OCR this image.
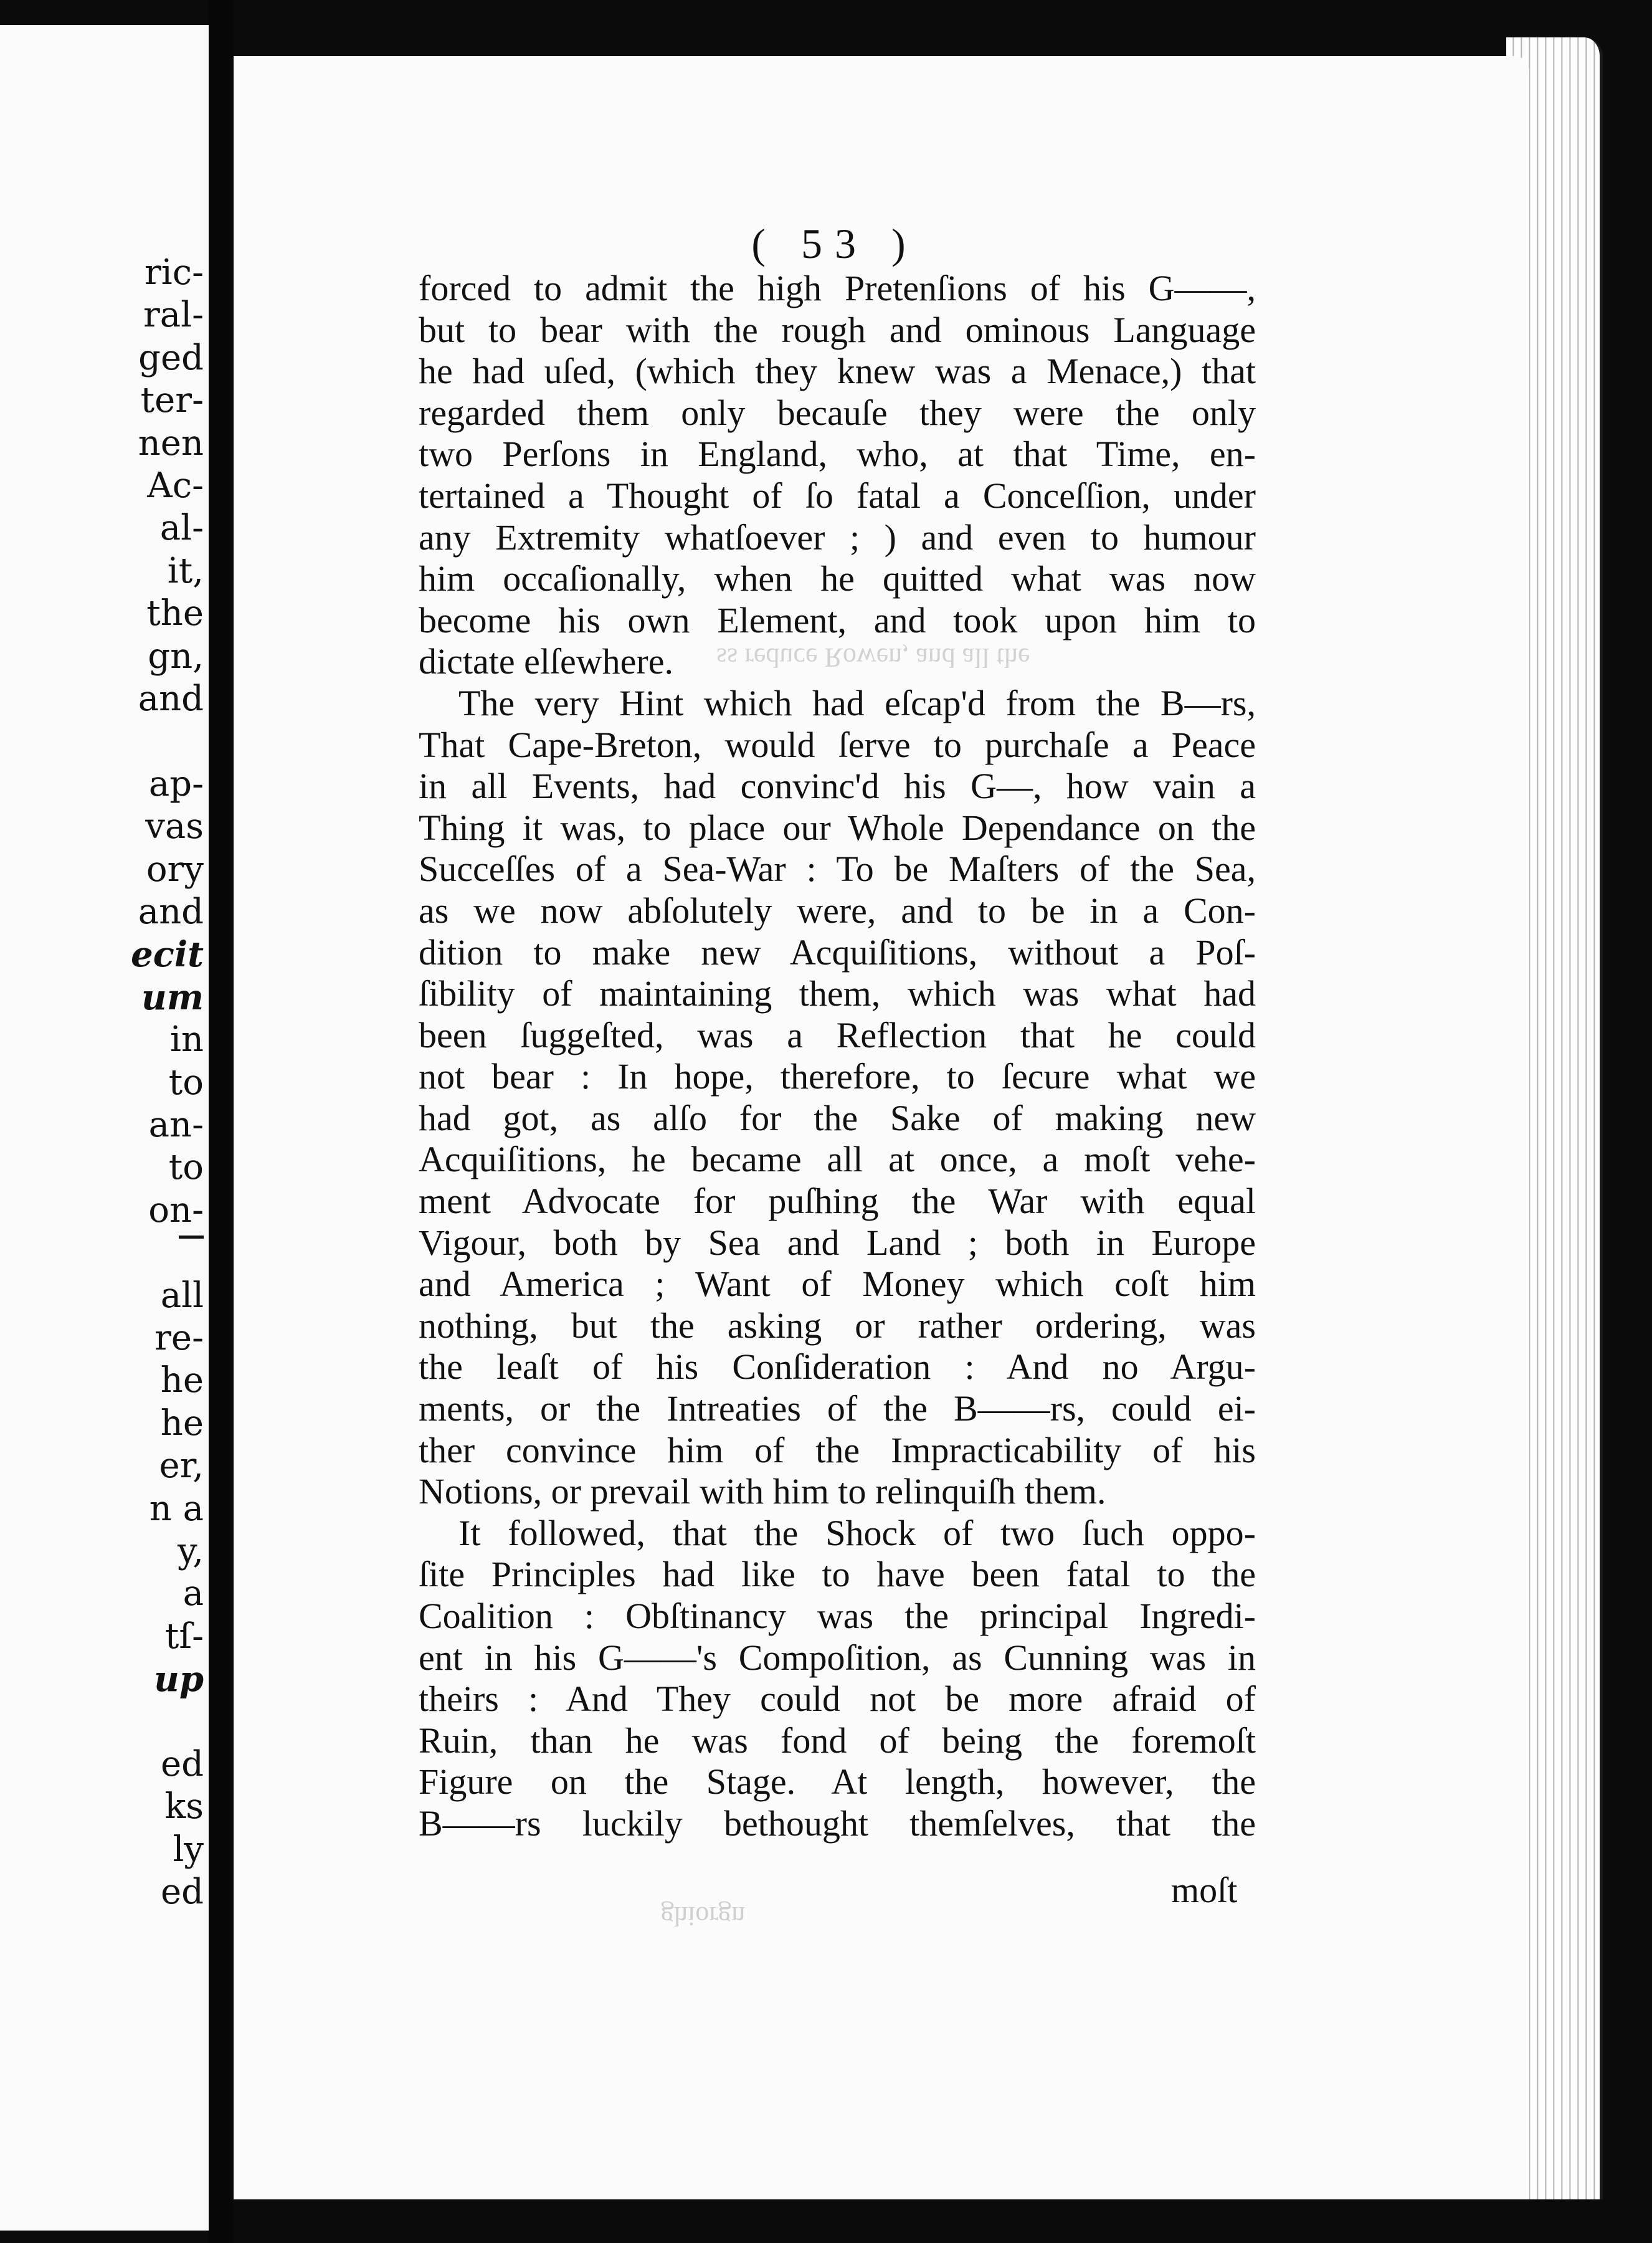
ric-
ral-
ged
ter-
nen
Ac-
al-
it,
the
gn,
and
ap-
vas
ory
and
ecit
um
in
to
an-
to
on-
all
re-
he
he
er,
n a
y,
a
tſ-
up
ed
ks
ly
ed
ghiorgn
ss reduce Rowen, and all the
( 53 )
forced to admit the high Pretenſions of his G——,
but to bear with the rough and ominous Language
he had uſed, (which they knew was a Menace,) that
regarded them only becauſe they were the only
two Perſons in England, who, at that Time, en-
tertained a Thought of ſo fatal a Conceſſion, under
any Extremity whatſoever ; ) and even to humour
him occaſionally, when he quitted what was now
become his own Element, and took upon him to
dictate elſewhere.
The very Hint which had eſcap'd from the B—rs,
That Cape-Breton, would ſerve to purchaſe a Peace
in all Events, had convinc'd his G—, how vain a
Thing it was, to place our Whole Dependance on the
Succeſſes of a Sea-War : To be Maſters of the Sea,
as we now abſolutely were, and to be in a Con-
dition to make new Acquiſitions, without a Poſ-
ſibility of maintaining them, which was what had
been ſuggeſted, was a Reflection that he could
not bear : In hope, therefore, to ſecure what we
had got, as alſo for the Sake of making new
Acquiſitions, he became all at once, a moſt vehe-
ment Advocate for puſhing the War with equal
Vigour, both by Sea and Land ; both in Europe
and America ; Want of Money which coſt him
nothing, but the asking or rather ordering, was
the leaſt of his Conſideration : And no Argu-
ments, or the Intreaties of the B——rs, could ei-
ther convince him of the Impracticability of his
Notions, or prevail with him to relinquiſh them.
It followed, that the Shock of two ſuch oppo-
ſite Principles had like to have been fatal to the
Coalition : Obſtinancy was the principal Ingredi-
ent in his G——'s Compoſition, as Cunning was in
theirs : And They could not be more afraid of
Ruin, than he was fond of being the foremoſt
Figure on the Stage. At length, however, the
B——rs luckily bethought themſelves, that the
moſt
